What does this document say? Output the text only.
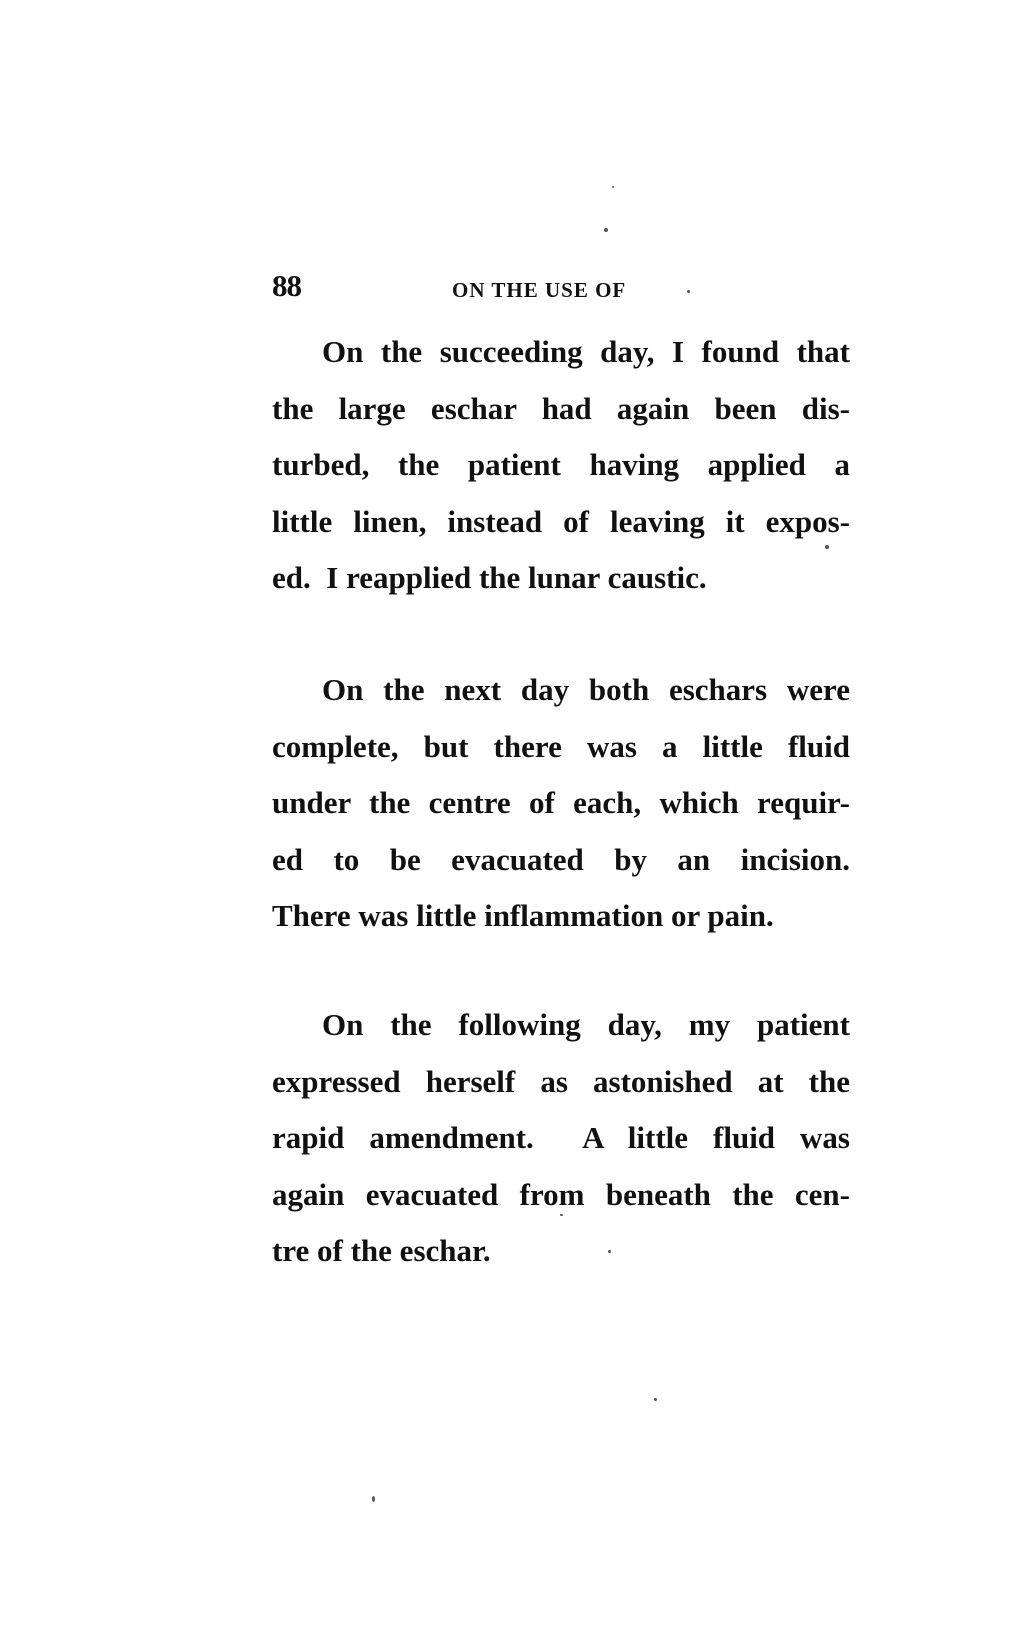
88	ON THE USE OF

On the succeeding day, I found that
the large eschar had again been dis-
turbed, the patient having applied a
little linen, instead of leaving it expos-
ed.  I reapplied the lunar caustic.

On the next day both eschars were
complete, but there was a little fluid
under the centre of each, which requir-
ed to be evacuated by an incision.
There was little inflammation or pain.

On the following day, my patient
expressed herself as astonished at the
rapid amendment.  A little fluid was
again evacuated from beneath the cen-
tre of the eschar.
